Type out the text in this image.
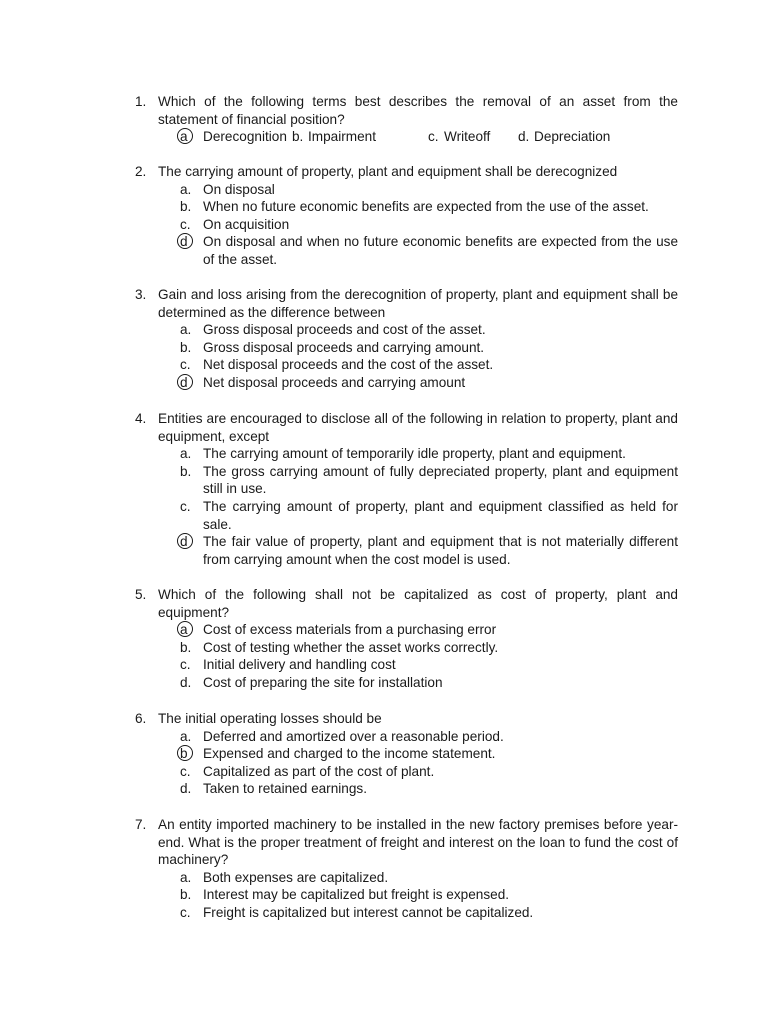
1. Which of the following terms best describes the removal of an asset from the statement of financial position?
a	Derecognition b. Impairment	c. Writeoff d. Depreciation
2. The carrying amount of property, plant and equipment shall be derecognized
a. On disposal
b. When no future economic benefits are expected from the use of the asset.
c. On acquisition
d	On disposal and when no future economic benefits are expected from the use of the asset.
3. Gain and loss arising from the derecognition of property, plant and equipment shall be determined as the difference between
a. Gross disposal proceeds and cost of the asset.
b. Gross disposal proceeds and carrying amount.
c. Net disposal proceeds and the cost of the asset.
d	Net disposal proceeds and carrying amount
4. Entities are encouraged to disclose all of the following in relation to property, plant and equipment, except
a. The carrying amount of temporarily idle property, plant and equipment.
b. The gross carrying amount of fully depreciated property, plant and equipment still in use.
c. The carrying amount of property, plant and equipment classified as held for sale.
d	The fair value of property, plant and equipment that is not materially different from carrying amount when the cost model is used.
5. Which of the following shall not be capitalized as cost of property, plant and equipment?
a	Cost of excess materials from a purchasing error
b. Cost of testing whether the asset works correctly.
c. Initial delivery and handling cost
d. Cost of preparing the site for installation
6. The initial operating losses should be
a. Deferred and amortized over a reasonable period.
b	Expensed and charged to the income statement.
c. Capitalized as part of the cost of plant.
d. Taken to retained earnings.
7. An entity imported machinery to be installed in the new factory premises before year-end. What is the proper treatment of freight and interest on the loan to fund the cost of machinery?
a. Both expenses are capitalized.
b. Interest may be capitalized but freight is expensed.
c. Freight is capitalized but interest cannot be capitalized.
